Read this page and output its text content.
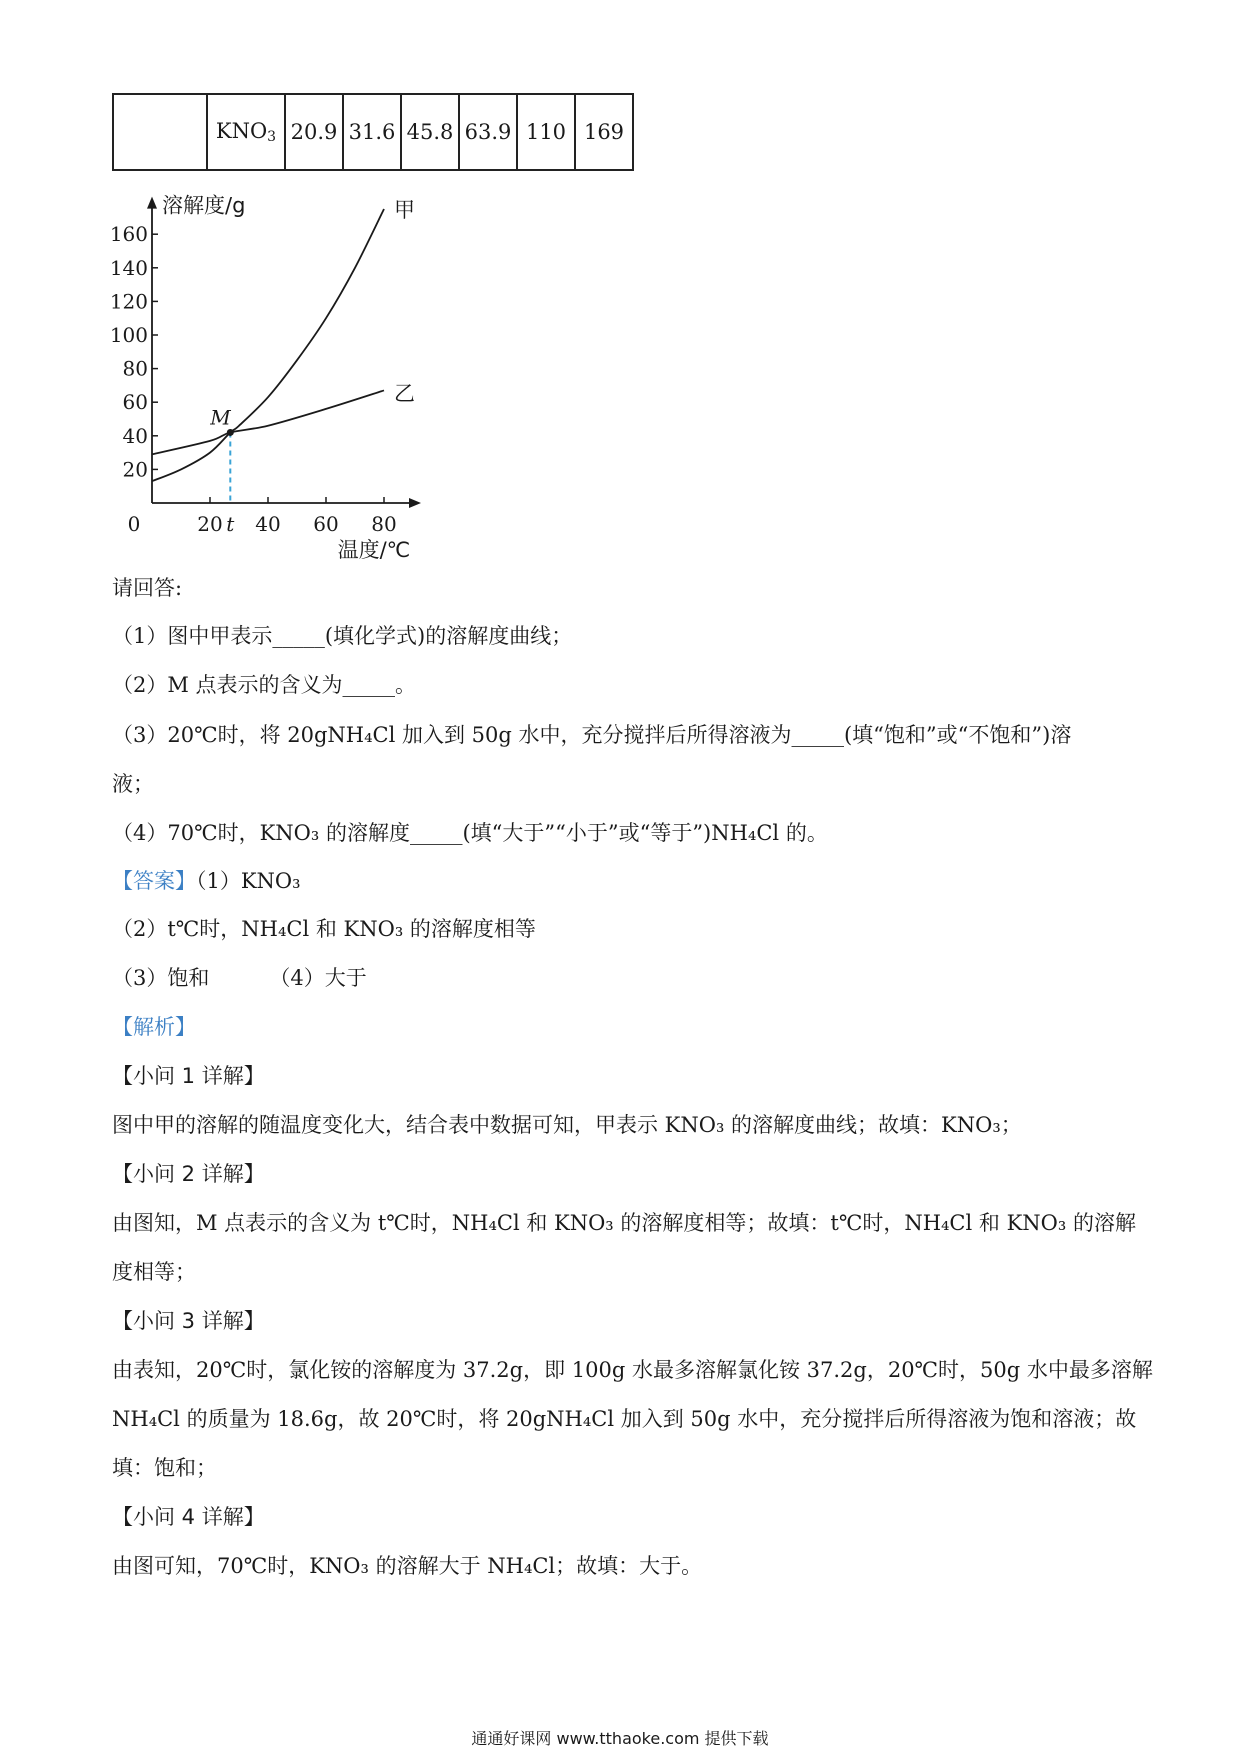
	$KNO_3$	20.9	31.6	45.8	63.9	110	169
20
40
60
80
100
120
140
160
0	20 40 60 80
溶解度/g
温度/℃
甲
乙
M
t
请回答:
（1）图中甲表示_____(填化学式)的溶解度曲线；
（2）M 点表示的含义为_____。
（3）20℃时，将 20gNH₄Cl 加入到 50g 水中，充分搅拌后所得溶液为_____(填“饱和”或“不饱和”)溶
液；
（4）70℃时，KNO₃ 的溶解度_____(填“大于”“小于”或“等于”)NH₄Cl 的。
【答案】（1）KNO₃
（2）t℃时，NH₄Cl 和 KNO₃ 的溶解度相等
（3）饱和	（4）大于
【解析】
【小问 1 详解】
图中甲的溶解的随温度变化大，结合表中数据可知，甲表示 KNO₃ 的溶解度曲线；故填：KNO₃；
【小问 2 详解】
由图知，M 点表示的含义为 t℃时，NH₄Cl 和 KNO₃ 的溶解度相等；故填：t℃时，NH₄Cl 和 KNO₃ 的溶解
度相等；
【小问 3 详解】
由表知，20℃时，氯化铵的溶解度为 37.2g，即 100g 水最多溶解氯化铵 37.2g，20℃时，50g 水中最多溶解
NH₄Cl 的质量为 18.6g，故 20℃时，将 20gNH₄Cl 加入到 50g 水中，充分搅拌后所得溶液为饱和溶液；故
填：饱和；
【小问 4 详解】
由图可知，70℃时，KNO₃ 的溶解大于 NH₄Cl；故填：大于。
通通好课网 www.tthaoke.com 提供下载
